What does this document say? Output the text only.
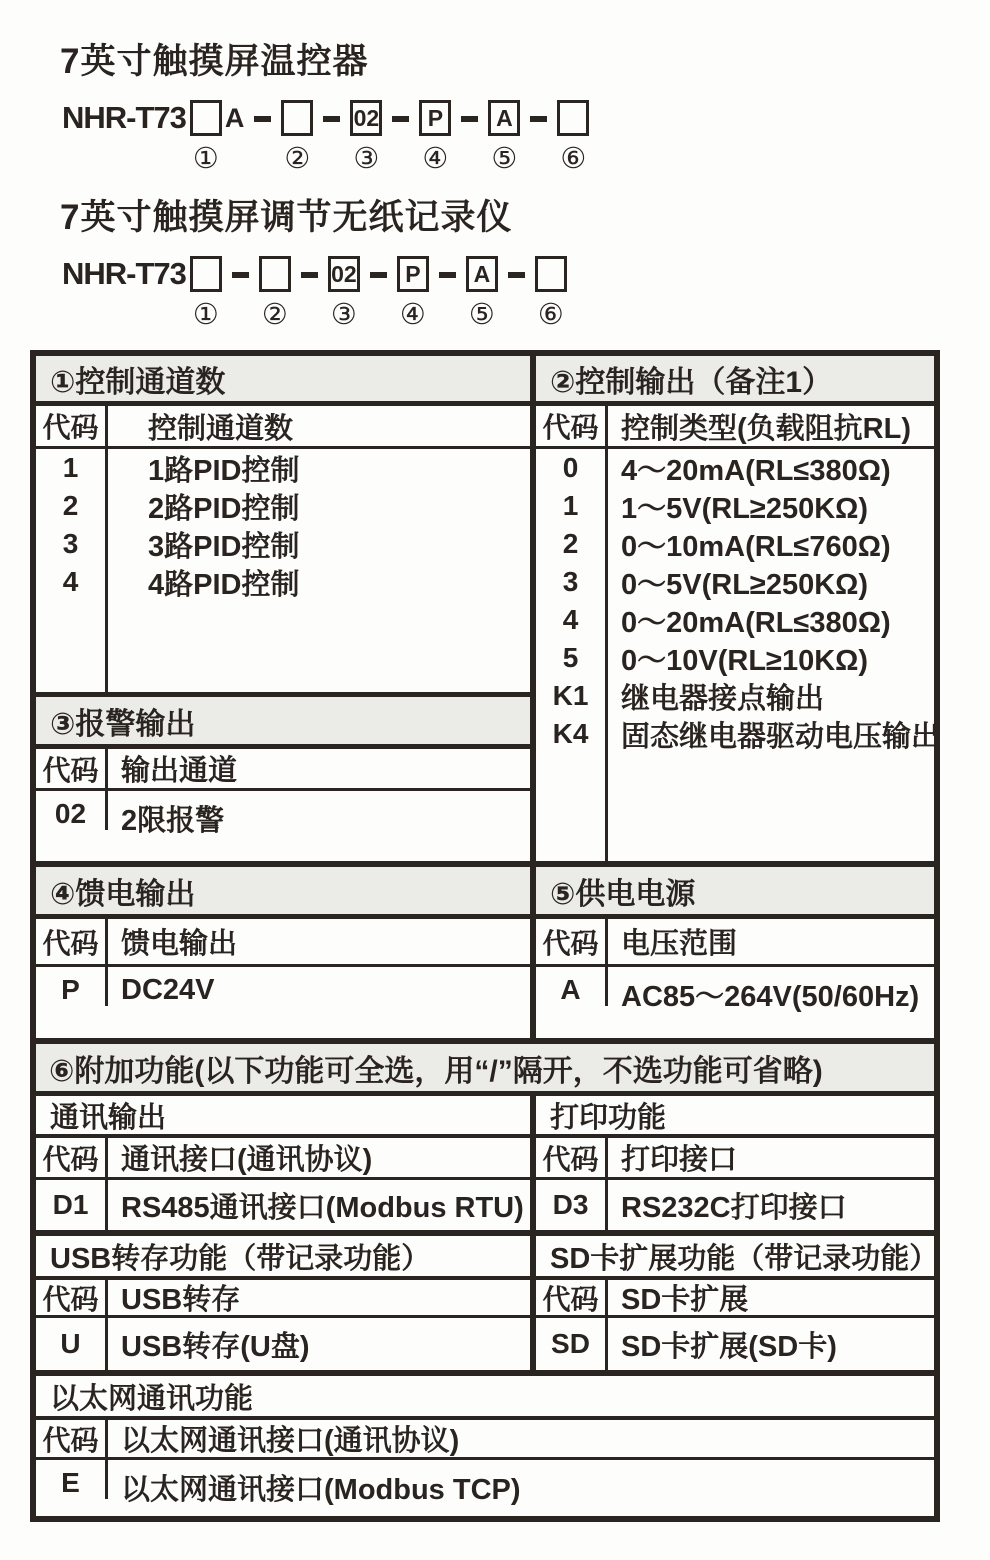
7英寸触摸屏温控器
NHR-T73
①
A
②
02
③
P
④
A
⑤ ⑥
7英寸触摸屏调节无纸记录仪
NHR-T73
① ②
02
③
P
④
A
⑤ ⑥
①控制通道数
代码	控制通道数
1	1路PID控制
2	2路PID控制
3	3路PID控制
4	4路PID控制
③报警输出
代码 输出通道
02	2限报警
②控制输出（备注1）
代码 控制类型(负载阻抗RL)
0	4～20mA(RL≤380Ω)
1	1～5V(RL≥250KΩ)
2	0～10mA(RL≤760Ω)
3	0～5V(RL≥250KΩ)
4	0～20mA(RL≤380Ω)
5	0～10V(RL≥10KΩ)
K1	继电器接点输出
K4	固态继电器驱动电压输出
④馈电输出
代码 馈电输出
P	DC24V
⑤供电电源
代码 电压范围
A	AC85～264V(50/60Hz)
⑥附加功能(以下功能可全选，用“/”隔开，不选功能可省略)
通讯输出
代码 通讯接口(通讯协议)
D1	RS485通讯接口(Modbus RTU)
打印功能
代码 打印接口
D3	RS232C打印接口
USB转存功能（带记录功能）
代码 USB转存
U	USB转存(U盘)
SD卡扩展功能（带记录功能）
代码 SD卡扩展
SD	SD卡扩展(SD卡)
以太网通讯功能
代码 以太网通讯接口(通讯协议)
E	以太网通讯接口(Modbus TCP)
